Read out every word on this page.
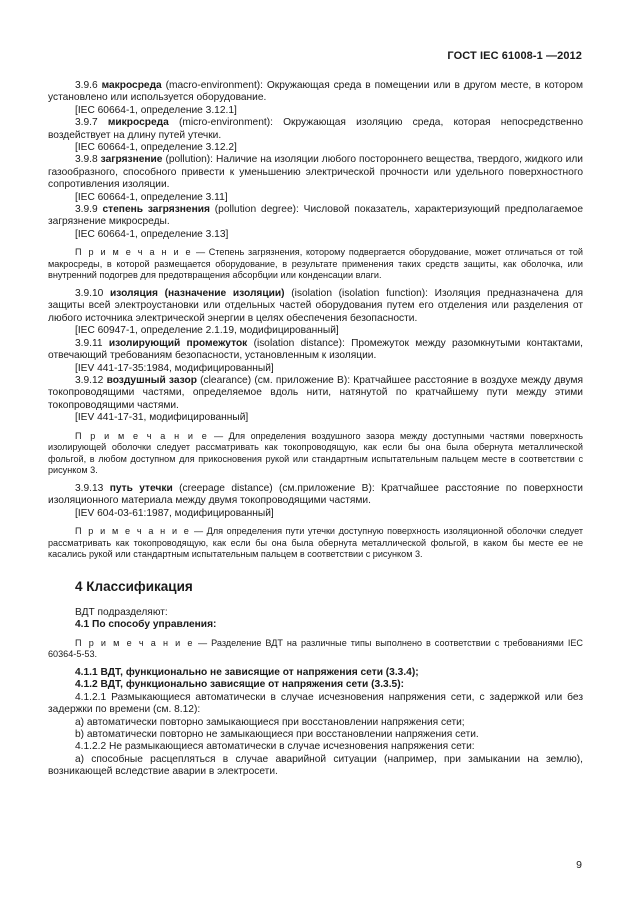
ГОСТ IEC 61008-1 —2012

3.9.6 макросреда (macro-environment): Окружающая среда в помещении или в другом месте, в котором установлено или используется оборудование.

[IEC 60664-1, определение 3.12.1]

3.9.7 микросреда (micro-environment): Окружающая изоляцию среда, которая непосредственно воздействует на длину путей утечки.

[IEC 60664-1, определение 3.12.2]

3.9.8 загрязнение (pollution): Наличие на изоляции любого постороннего вещества, твердого, жидкого или газообразного, способного привести к уменьшению электрической прочности или удельного поверхностного сопротивления изоляции.

[IEC 60664-1, определение 3.11]

3.9.9 степень загрязнения (pollution degree): Числовой показатель, характеризующий предполагаемое загрязнение микросреды.

[IEC 60664-1, определение 3.13]

П р и м е ч а н и е — Степень загрязнения, которому подвергается оборудование, может отличаться от той макросреды, в которой размещается оборудование, в результате применения таких средств защиты, как оболочка, или внутренний подогрев для предотвращения абсорбции или конденсации влаги.

3.9.10 изоляция (назначение изоляции) (isolation (isolation function): Изоляция предназначена для защиты всей электроустановки или отдельных частей оборудования путем его отделения или разделения от любого источника электрической энергии в целях обеспечения безопасности.

[IEC 60947-1, определение 2.1.19, модифицированный]

3.9.11 изолирующий промежуток (isolation distance): Промежуток между разомкнутыми контактами, отвечающий требованиям безопасности, установленным к изоляции.

[IEV 441-17-35:1984, модифицированный]

3.9.12 воздушный зазор (clearance) (см. приложение В): Кратчайшее расстояние в воздухе между двумя токопроводящими частями, определяемое вдоль нити, натянутой по кратчайшему пути между этими токопроводящими частями.

[IEV 441-17-31, модифицированный]

П р и м е ч а н и е — Для определения воздушного зазора между доступными частями поверхность изолирующей оболочки следует рассматривать как токопроводящую, как если бы она была обернута металлической фольгой, в любом доступном для прикосновения рукой или стандартным испытательным пальцем месте в соответствии с рисунком 3.

3.9.13 путь утечки (creepage distance) (см.приложение В): Кратчайшее расстояние по поверхности изоляционного материала между двумя токопроводящими частями.

[IEV 604-03-61:1987, модифицированный]

П р и м е ч а н и е — Для определения пути утечки доступную поверхность изоляционной оболочки следует рассматривать как токопроводящую, как если бы она была обернута металлической фольгой, в каком бы месте ее не касались рукой или стандартным испытательным пальцем в соответствии с рисунком 3.

4 Классификация

ВДТ подразделяют:

4.1 По способу управления:

П р и м е ч а н и е — Разделение ВДТ на различные типы выполнено в соответствии с требованиями IEC 60364-5-53.

4.1.1 ВДТ, функционально не зависящие от напряжения сети (3.3.4);

4.1.2 ВДТ, функционально зависящие от напряжения сети (3.3.5):

4.1.2.1 Размыкающиеся автоматически в случае исчезновения напряжения сети, с задержкой или без задержки по времени (см. 8.12):

a) автоматически повторно замыкающиеся при восстановлении напряжения сети;

b) автоматически повторно не замыкающиеся при восстановлении напряжения сети.

4.1.2.2 Не размыкающиеся автоматически в случае исчезновения напряжения сети:

a) способные расцепляться в случае аварийной ситуации (например, при замыкании на землю), возникающей вследствие аварии в электросети.

9
